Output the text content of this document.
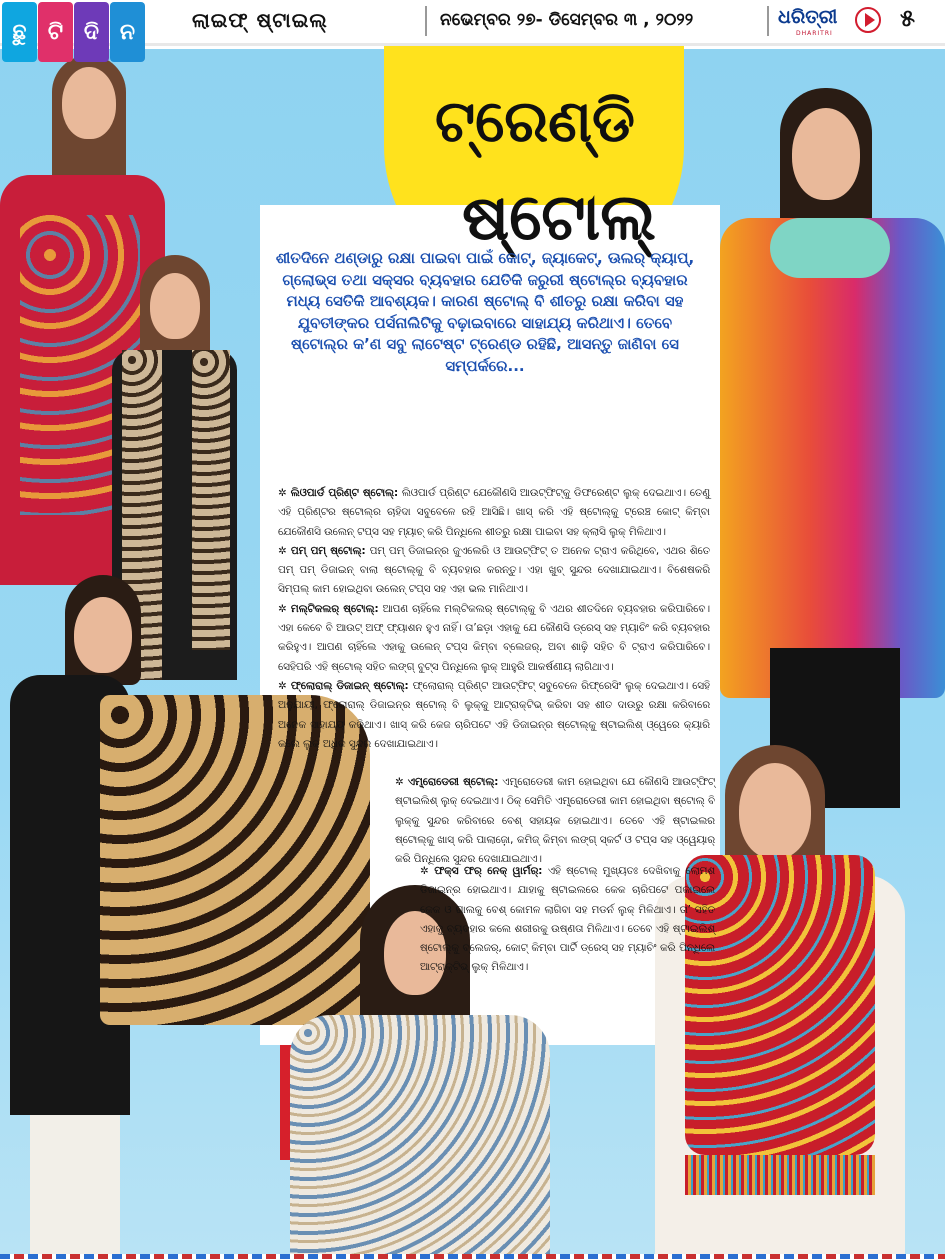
ଛୁ ଟି ଦି ନ	ଲାଇଫ୍ ଷ୍ଟାଇଲ୍	ନଭେମ୍ବର ୨୭- ଡିସେମ୍ବର ୩ , ୨୦୨୨	ଧରିତ୍ରୀ
DHARITRI
୫
ଟ୍ରେଣ୍ଡି
ଷ୍ଟୋଲ୍
ଶୀତଦିନେ ଥଣ୍ଡାରୁ ରକ୍ଷା ପାଇବା ପାଇଁ କୋଟ୍, ଜ୍ୟାକେଟ୍, ଊଲର୍ କ୍ୟାପ୍, ଗ୍ଲୋଭ୍ସ ତଥା ସକ୍ସର ବ୍ୟବହାର ଯେତିକି ଜରୁରୀ ଷ୍ଟୋଲ୍‌ର ବ୍ୟବହାର ମଧ୍ୟ ସେତିକି ଆବଶ୍ୟକ। କାରଣ ଷ୍ଟୋଲ୍ ବି ଶୀତରୁ ରକ୍ଷା କରିବା ସହ ଯୁବତୀଙ୍କର ପର୍ସନାଲିଟିକୁ ବଢ଼ାଇବାରେ ସାହାଯ୍ୟ କରିଥାଏ। ତେବେ ଷ୍ଟୋଲ୍‌ର କ’ଣ ସବୁ ଲାଟେଷ୍ଟ ଟ୍ରେଣ୍ଡ ରହିଛି, ଆସନ୍ତୁ ଜାଣିବା ସେ ସମ୍ପର୍କରେ...

✲ ଲିଓପାର୍ଡ ପ୍ରିଣ୍ଟ ଷ୍ଟୋଲ୍: ଲିଓପାର୍ଡ ପ୍ରିଣ୍ଟ ଯେକୌଣସି ଆଉଟ୍‌ଫିଟ୍‌କୁ ଡିଫରେଣ୍ଟ ଲୁକ୍ ଦେଇଥାଏ। ତେଣୁ ଏହି ପ୍ରିଣ୍ଟର ଷ୍ଟୋଲ୍‌ର ଚାହିଦା ସବୁବେଳେ ରହି ଆସିଛି। ଖାସ୍ କରି ଏହି ଷ୍ଟୋଲ୍‌କୁ ଟ୍ରେଞ୍ଚ କୋଟ୍ କିମ୍ବା ଯେକୌଣସି ଉଲେନ୍ ଟପ୍ସ ସହ ମ୍ୟାଚ୍ କରି ପିନ୍ଧିଲେ ଶୀତରୁ ରକ୍ଷା ପାଇବା ସହ କ୍ଲାସି ଲୁକ୍ ମିଳିଥାଏ।

✲ ପମ୍ ପମ୍ ଷ୍ଟୋଲ୍: ପମ୍ ପମ୍ ଡିଜାଇନ୍‌ର ଜୁଏଲେରି ଓ ଆଉଟ୍‌ଫିଟ୍ ତ ଅନେକ ଟ୍ରାଏ କରିଥିବେ, ଏଥର ଶିତେ ପମ୍ ପମ୍ ଡିଜାଇନ୍ ବାଲା ଷ୍ଟୋଲ୍‌କୁ ବି ବ୍ୟବହାର କରନ୍ତୁ। ଏହା ଖୁବ୍ ସୁନ୍ଦର ଦେଖାଯାଇଥାଏ। ବିଶେଷକରି ସିମ୍ପଲ୍ କାମ ହୋଇଥିବା ଉଲେନ୍ ଟପ୍ସ ସହ ଏହା ଭଲ ମାନିଥାଏ।

✲ ମଲ୍ଟିକଲର୍ ଷ୍ଟୋଲ୍: ଆପଣ ଚାହିଁଲେ ମଲ୍ଟିକଲର୍ ଷ୍ଟୋଲ୍‌କୁ ବି ଏଥର ଶୀତଦିନେ ବ୍ୟବହାର କରିପାରିବେ। ଏହା କେବେ ବି ଆଉଟ୍ ଅଫ୍ ଫ୍ୟାଶନ ହୁଏ ନାହିଁ। ତା’ଛଡ଼ା ଏହାକୁ ଯେ କୌଣସି ଡ୍ରେସ୍ ସହ ମ୍ୟାଚିଂ କରି ବ୍ୟବହାର କରିହୁଏ। ଆପଣ ଚାହିଁଲେ ଏହାକୁ ଉଲେନ୍ ଟପ୍ସ କିମ୍ବା ବ୍ଲେଜର୍, ଅବା ଶାଢ଼ି ସହିତ ବି ଟ୍ରାଏ କରିପାରିବେ। ସେହିପରି ଏହି ଷ୍ଟୋଲ୍ ସହିତ ଲଙ୍ଗ୍ ବୁଟ୍ସ ପିନ୍ଧିଲେ ଲୁକ୍ ଆହୁରି ଆକର୍ଷଣୀୟ ଲାଗିଥାଏ।

✲ ଫ୍ଲୋରାଲ୍ ଡିଜାଇନ୍ ଷ୍ଟୋଲ୍: ଫ୍ଲୋରାଲ୍ ପ୍ରିଣ୍ଟ ଆଉଟ୍‌ଫିଟ୍ ସବୁବେଳେ ରିଫ୍ରେସିଂ ଲୁକ୍ ଦେଇଥାଏ। ସେହି ଅନୁଯାୟୀ, ଫ୍ଲୋରାଲ୍ ଡିଜାଇନ୍‌ର ଷ୍ଟୋଲ୍ ବି ଲୁକ୍‌କୁ ଆଟ୍ରାକ୍ଟିଭ୍ କରିବା ସହ ଶୀତ ଦାଉରୁ ରକ୍ଷା କରିବାରେ ଅନେକ ସାହାଯ୍ୟ କରିଥାଏ। ଖାସ୍ କରି କେଜ ଚାରିପଟେ ଏହି ଡିଜାଇନ୍‌ର ଷ୍ଟୋଲ୍‌କୁ ଷ୍ଟାଇଲିଶ୍ ଓ୍ୱେରେ କ୍ୟାରି କଲେ ଲୁକ୍ ଅଧିକ ସୁନ୍ଦର ଦେଖାଯାଇଥାଏ।

✲ ଏମ୍ବ୍ରୋଡେରୀ ଷ୍ଟୋଲ୍: ଏମ୍ବ୍ରୋଡେରୀ କାମ ହୋଇଥିବା ଯେ କୌଣସି ଆଉଟ୍‌ଫିଟ୍ ଷ୍ଟାଇଲିଶ୍ ଲୁକ୍ ଦେଇଥାଏ। ଠିକ୍ ସେମିତି ଏମ୍ବ୍ରୋଡେରୀ କାମ ହୋଇଥିବା ଷ୍ଟୋଲ୍ ବି ଲୁକ୍‌କୁ ସୁନ୍ଦର କରିବାରେ ବେଶ୍ ସହାୟକ ହୋଇଥାଏ। ତେବେ ଏହି ଷ୍ଟାଇଲର ଷ୍ଟୋଲ୍‌କୁ ଖାସ୍ କରି ପାଲାଜ଼ୋ, କମିଜ୍ କିମ୍ବା ଲଙ୍ଗ୍ ସ୍କର୍ଟ ଓ ଟପ୍ସ ସହ ଓ୍ୱେୟାର୍ କରି ପିନ୍ଧିଲେ ସୁନ୍ଦର ଦେଖାଯାଇଥାଏ।

✲ ଫକ୍ସ ଫର୍ ନେକ୍ ୱାର୍ମର୍: ଏହି ଷ୍ଟୋଲ୍ ମୁଖ୍ୟତଃ ଦେଖିବାକୁ ଲୋମଶ ଡିଜାଇନ୍‌ର ହୋଇଥାଏ। ଯାହାକୁ ଷ୍ଟାଇଲରେ କେକ ଚାରିପଟେ ପକାଇଲେ କେକ ଓ ଗାଲକୁ ବେଶ୍ କୋମଳ ଲାଗିବା ସହ ମଡର୍ନ ଲୁକ୍ ମିଳିଥାଏ। ତା’ ସହିତ ଏହାକୁ ବ୍ୟବହାର କଲେ ଶରୀରକୁ ଉଷ୍ଣତା ମିଳିଥାଏ। ତେବେ ଏହି ଷ୍ଟାଇଲିଶ୍ ଷ୍ଟୋଲ୍‌କୁ ବ୍ଲେଜର୍, କୋଟ୍ କିମ୍ବା ପାର୍ଟି ଡ୍ରେସ୍ ସହ ମ୍ୟାଚିଂ କରି ପିନ୍ଧିଲେ ଆଟ୍ରାକ୍ଟିଭ୍ ଲୁକ୍ ମିଳିଥାଏ।
